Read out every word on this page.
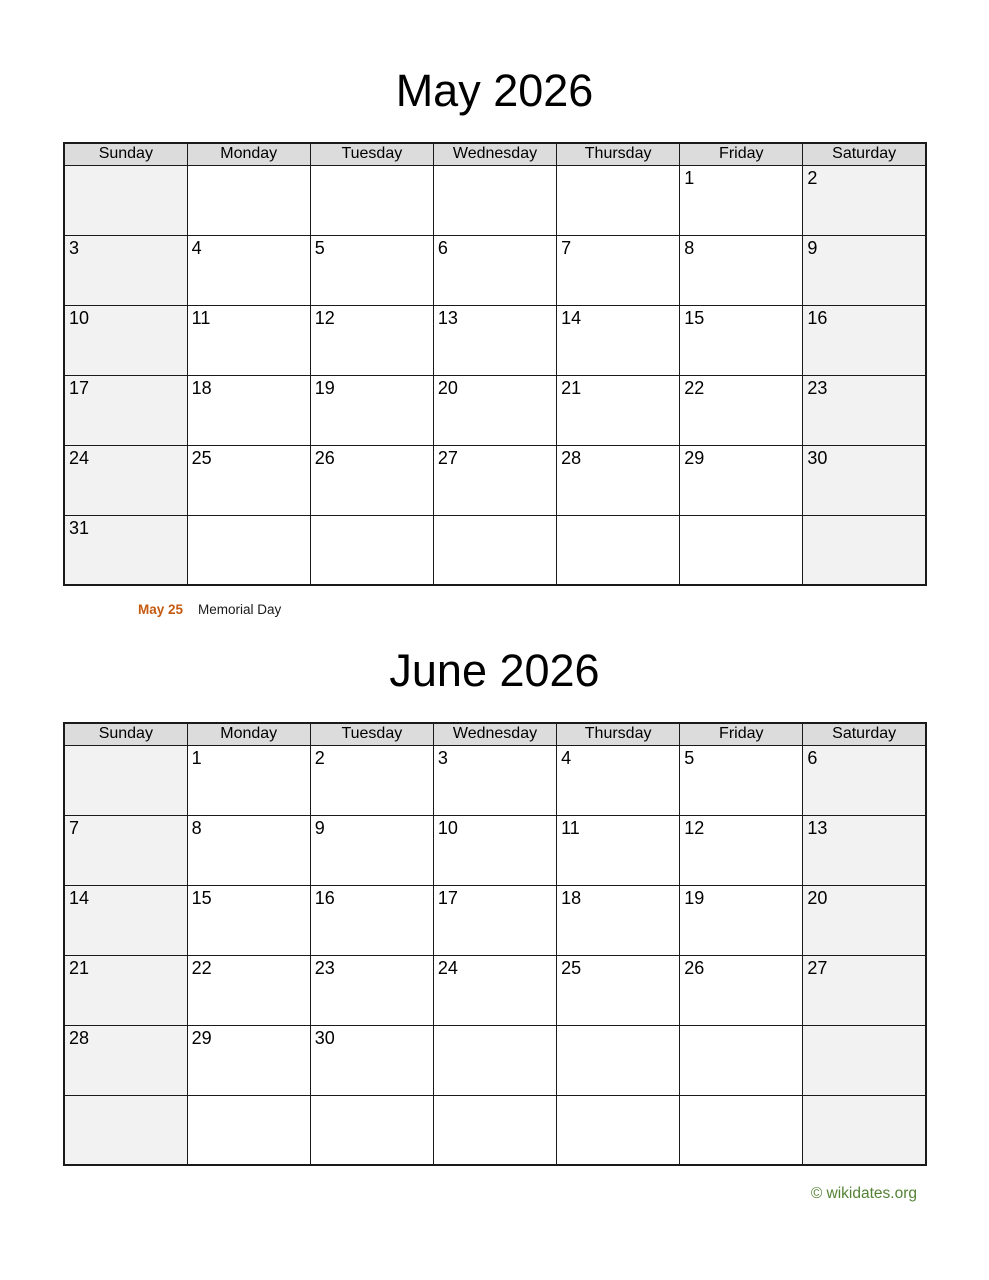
May 2026
Sunday	Monday	Tuesday	Wednesday	Thursday	Friday	Saturday
					1	2
3	4	5	6	7	8	9
10	11	12	13	14	15	16
17	18	19	20	21	22	23
24	25	26	27	28	29	30
31						
May 25 Memorial Day
June 2026
Sunday	Monday	Tuesday	Wednesday	Thursday	Friday	Saturday
	1	2	3	4	5	6
7	8	9	10	11	12	13
14	15	16	17	18	19	20
21	22	23	24	25	26	27
28	29	30				

© wikidates.org
